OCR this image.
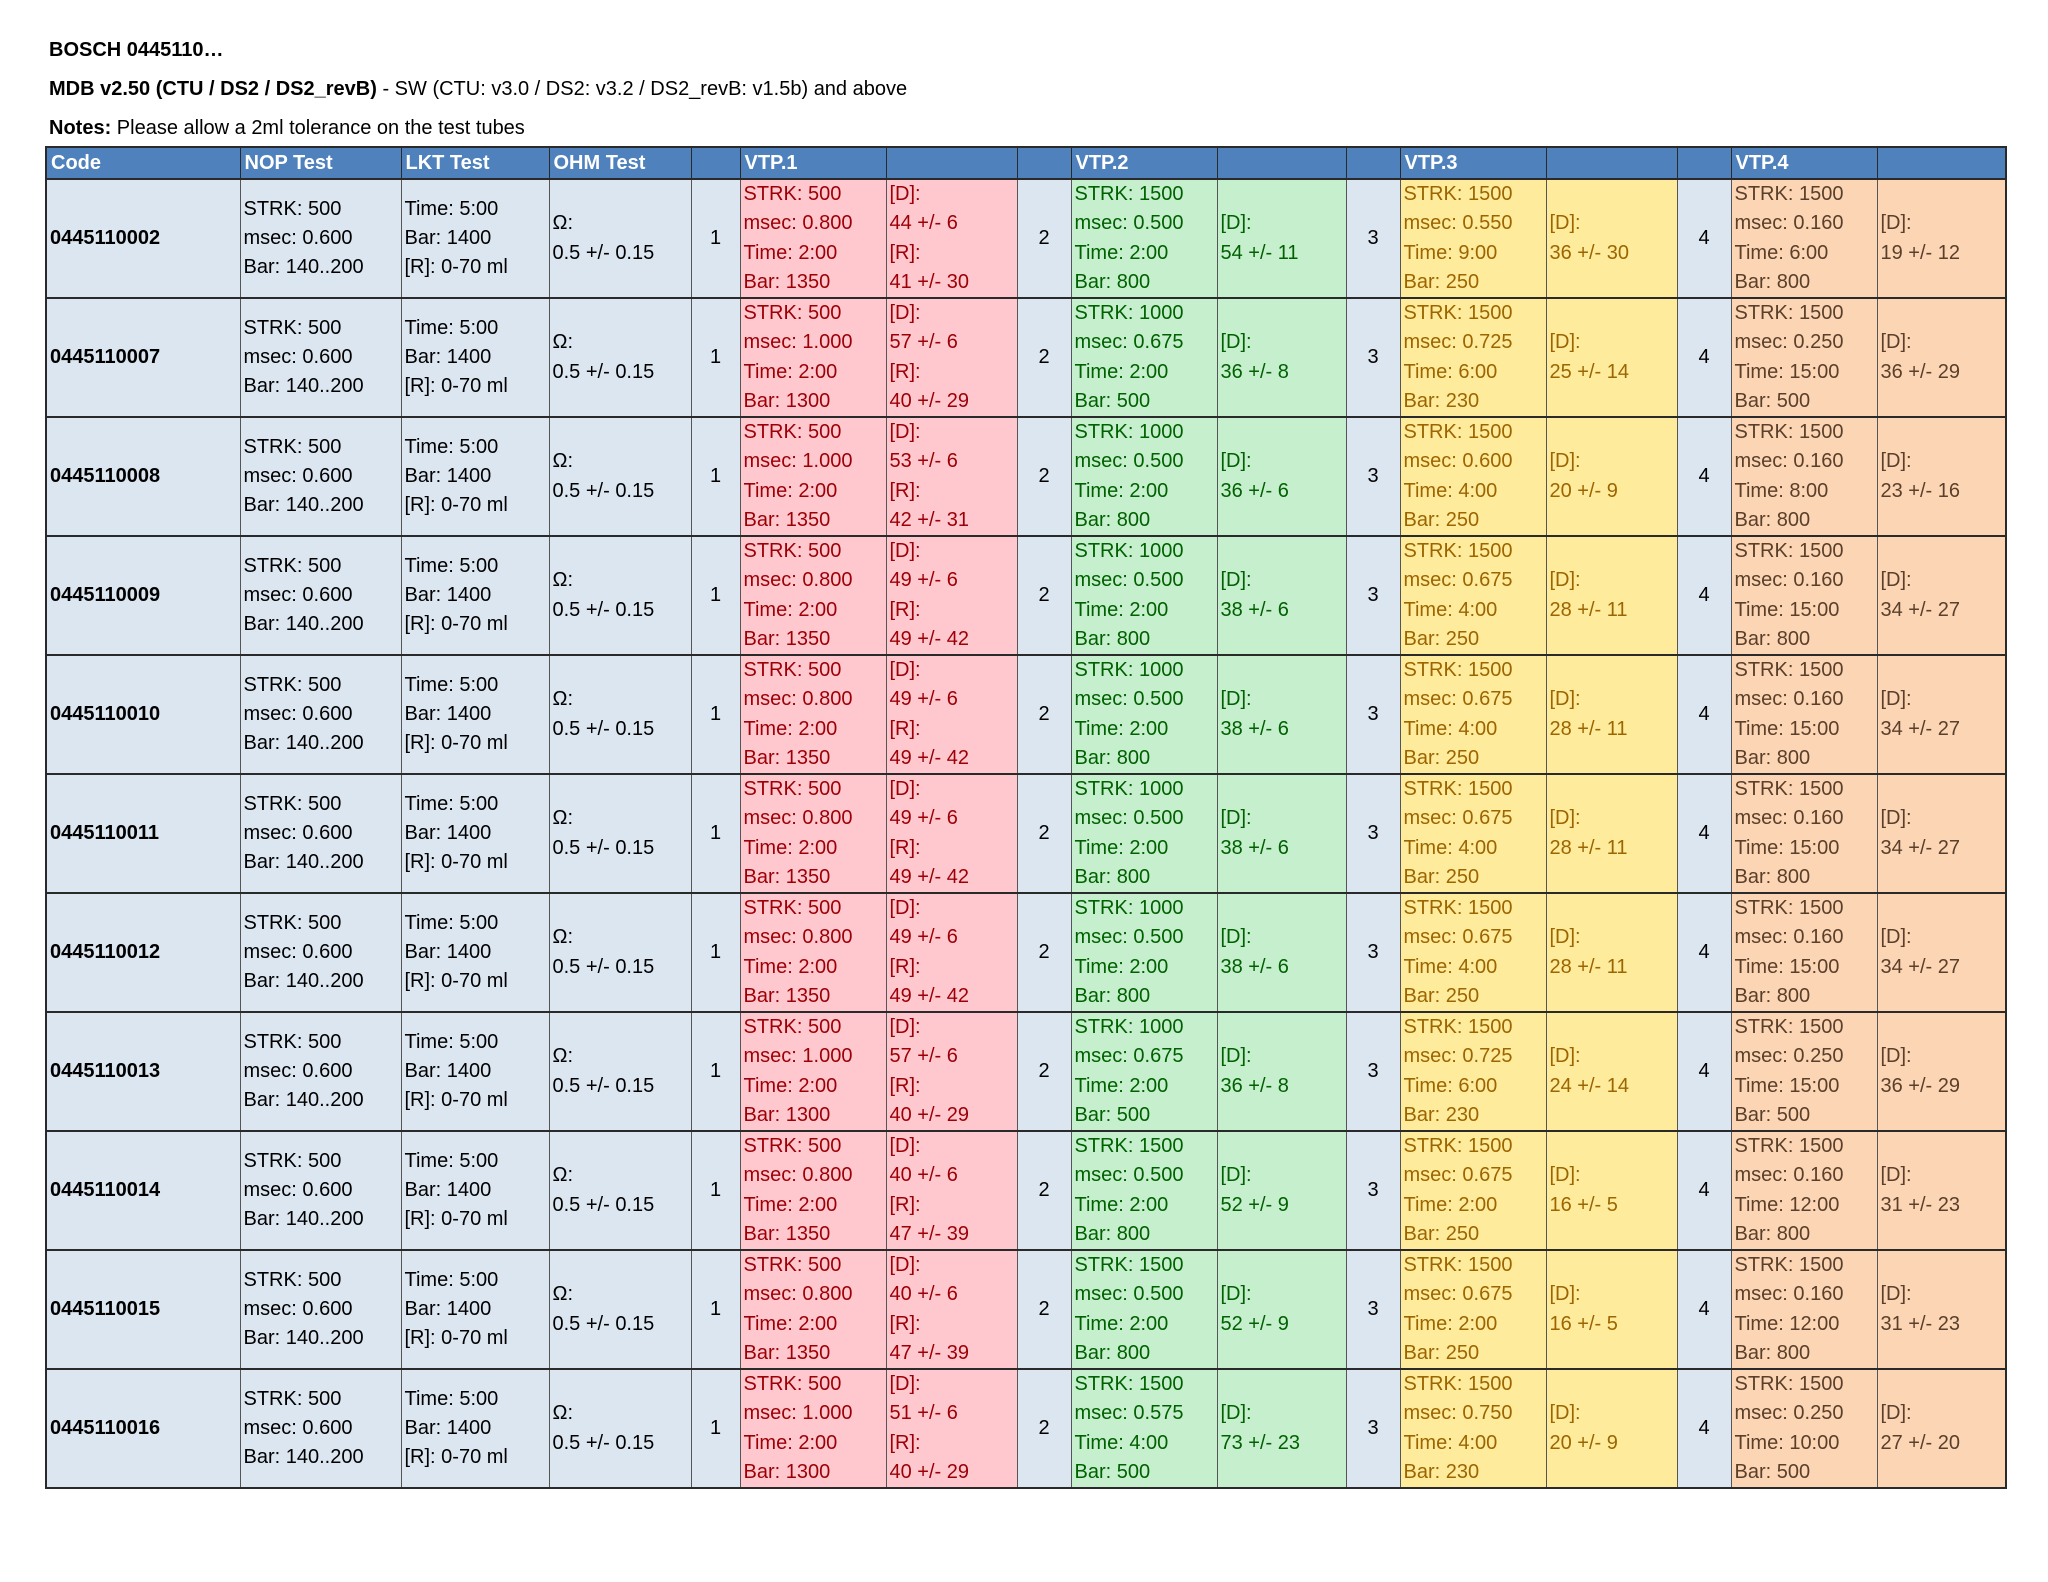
BOSCH 0445110…
MDB v2.50 (CTU / DS2 / DS2_revB) - SW (CTU: v3.0 / DS2: v3.2 / DS2_revB: v1.5b) and above
Notes: Please allow a 2ml tolerance on the test tubes
Code	NOP Test	LKT Test	OHM Test		VTP.1			VTP.2			VTP.3			VTP.4	
0445110002	STRK: 500
msec: 0.600
Bar: 140..200	Time: 5:00
Bar: 1400
[R]: 0-70 ml	Ω:
0.5 +/- 0.15	1	STRK: 500
msec: 0.800
Time: 2:00
Bar: 1350	[D]:
44 +/- 6
[R]:
41 +/- 30	2	STRK: 1500
msec: 0.500
Time: 2:00
Bar: 800	[D]:
54 +/- 11	3	STRK: 1500
msec: 0.550
Time: 9:00
Bar: 250	[D]:
36 +/- 30	4	STRK: 1500
msec: 0.160
Time: 6:00
Bar: 800	[D]:
19 +/- 12

0445110007	STRK: 500
msec: 0.600
Bar: 140..200	Time: 5:00
Bar: 1400
[R]: 0-70 ml	Ω:
0.5 +/- 0.15	1	STRK: 500
msec: 1.000
Time: 2:00
Bar: 1300	[D]:
57 +/- 6
[R]:
40 +/- 29	2	STRK: 1000
msec: 0.675
Time: 2:00
Bar: 500	[D]:
36 +/- 8	3	STRK: 1500
msec: 0.725
Time: 6:00
Bar: 230	[D]:
25 +/- 14	4	STRK: 1500
msec: 0.250
Time: 15:00
Bar: 500	[D]:
36 +/- 29

0445110008	STRK: 500
msec: 0.600
Bar: 140..200	Time: 5:00
Bar: 1400
[R]: 0-70 ml	Ω:
0.5 +/- 0.15	1	STRK: 500
msec: 1.000
Time: 2:00
Bar: 1350	[D]:
53 +/- 6
[R]:
42 +/- 31	2	STRK: 1000
msec: 0.500
Time: 2:00
Bar: 800	[D]:
36 +/- 6	3	STRK: 1500
msec: 0.600
Time: 4:00
Bar: 250	[D]:
20 +/- 9	4	STRK: 1500
msec: 0.160
Time: 8:00
Bar: 800	[D]:
23 +/- 16

0445110009	STRK: 500
msec: 0.600
Bar: 140..200	Time: 5:00
Bar: 1400
[R]: 0-70 ml	Ω:
0.5 +/- 0.15	1	STRK: 500
msec: 0.800
Time: 2:00
Bar: 1350	[D]:
49 +/- 6
[R]:
49 +/- 42	2	STRK: 1000
msec: 0.500
Time: 2:00
Bar: 800	[D]:
38 +/- 6	3	STRK: 1500
msec: 0.675
Time: 4:00
Bar: 250	[D]:
28 +/- 11	4	STRK: 1500
msec: 0.160
Time: 15:00
Bar: 800	[D]:
34 +/- 27

0445110010	STRK: 500
msec: 0.600
Bar: 140..200	Time: 5:00
Bar: 1400
[R]: 0-70 ml	Ω:
0.5 +/- 0.15	1	STRK: 500
msec: 0.800
Time: 2:00
Bar: 1350	[D]:
49 +/- 6
[R]:
49 +/- 42	2	STRK: 1000
msec: 0.500
Time: 2:00
Bar: 800	[D]:
38 +/- 6	3	STRK: 1500
msec: 0.675
Time: 4:00
Bar: 250	[D]:
28 +/- 11	4	STRK: 1500
msec: 0.160
Time: 15:00
Bar: 800	[D]:
34 +/- 27

0445110011	STRK: 500
msec: 0.600
Bar: 140..200	Time: 5:00
Bar: 1400
[R]: 0-70 ml	Ω:
0.5 +/- 0.15	1	STRK: 500
msec: 0.800
Time: 2:00
Bar: 1350	[D]:
49 +/- 6
[R]:
49 +/- 42	2	STRK: 1000
msec: 0.500
Time: 2:00
Bar: 800	[D]:
38 +/- 6	3	STRK: 1500
msec: 0.675
Time: 4:00
Bar: 250	[D]:
28 +/- 11	4	STRK: 1500
msec: 0.160
Time: 15:00
Bar: 800	[D]:
34 +/- 27

0445110012	STRK: 500
msec: 0.600
Bar: 140..200	Time: 5:00
Bar: 1400
[R]: 0-70 ml	Ω:
0.5 +/- 0.15	1	STRK: 500
msec: 0.800
Time: 2:00
Bar: 1350	[D]:
49 +/- 6
[R]:
49 +/- 42	2	STRK: 1000
msec: 0.500
Time: 2:00
Bar: 800	[D]:
38 +/- 6	3	STRK: 1500
msec: 0.675
Time: 4:00
Bar: 250	[D]:
28 +/- 11	4	STRK: 1500
msec: 0.160
Time: 15:00
Bar: 800	[D]:
34 +/- 27

0445110013	STRK: 500
msec: 0.600
Bar: 140..200	Time: 5:00
Bar: 1400
[R]: 0-70 ml	Ω:
0.5 +/- 0.15	1	STRK: 500
msec: 1.000
Time: 2:00
Bar: 1300	[D]:
57 +/- 6
[R]:
40 +/- 29	2	STRK: 1000
msec: 0.675
Time: 2:00
Bar: 500	[D]:
36 +/- 8	3	STRK: 1500
msec: 0.725
Time: 6:00
Bar: 230	[D]:
24 +/- 14	4	STRK: 1500
msec: 0.250
Time: 15:00
Bar: 500	[D]:
36 +/- 29

0445110014	STRK: 500
msec: 0.600
Bar: 140..200	Time: 5:00
Bar: 1400
[R]: 0-70 ml	Ω:
0.5 +/- 0.15	1	STRK: 500
msec: 0.800
Time: 2:00
Bar: 1350	[D]:
40 +/- 6
[R]:
47 +/- 39	2	STRK: 1500
msec: 0.500
Time: 2:00
Bar: 800	[D]:
52 +/- 9	3	STRK: 1500
msec: 0.675
Time: 2:00
Bar: 250	[D]:
16 +/- 5	4	STRK: 1500
msec: 0.160
Time: 12:00
Bar: 800	[D]:
31 +/- 23

0445110015	STRK: 500
msec: 0.600
Bar: 140..200	Time: 5:00
Bar: 1400
[R]: 0-70 ml	Ω:
0.5 +/- 0.15	1	STRK: 500
msec: 0.800
Time: 2:00
Bar: 1350	[D]:
40 +/- 6
[R]:
47 +/- 39	2	STRK: 1500
msec: 0.500
Time: 2:00
Bar: 800	[D]:
52 +/- 9	3	STRK: 1500
msec: 0.675
Time: 2:00
Bar: 250	[D]:
16 +/- 5	4	STRK: 1500
msec: 0.160
Time: 12:00
Bar: 800	[D]:
31 +/- 23

0445110016	STRK: 500
msec: 0.600
Bar: 140..200	Time: 5:00
Bar: 1400
[R]: 0-70 ml	Ω:
0.5 +/- 0.15	1	STRK: 500
msec: 1.000
Time: 2:00
Bar: 1300	[D]:
51 +/- 6
[R]:
40 +/- 29	2	STRK: 1500
msec: 0.575
Time: 4:00
Bar: 500	[D]:
73 +/- 23	3	STRK: 1500
msec: 0.750
Time: 4:00
Bar: 230	[D]:
20 +/- 9	4	STRK: 1500
msec: 0.250
Time: 10:00
Bar: 500	[D]:
27 +/- 20
